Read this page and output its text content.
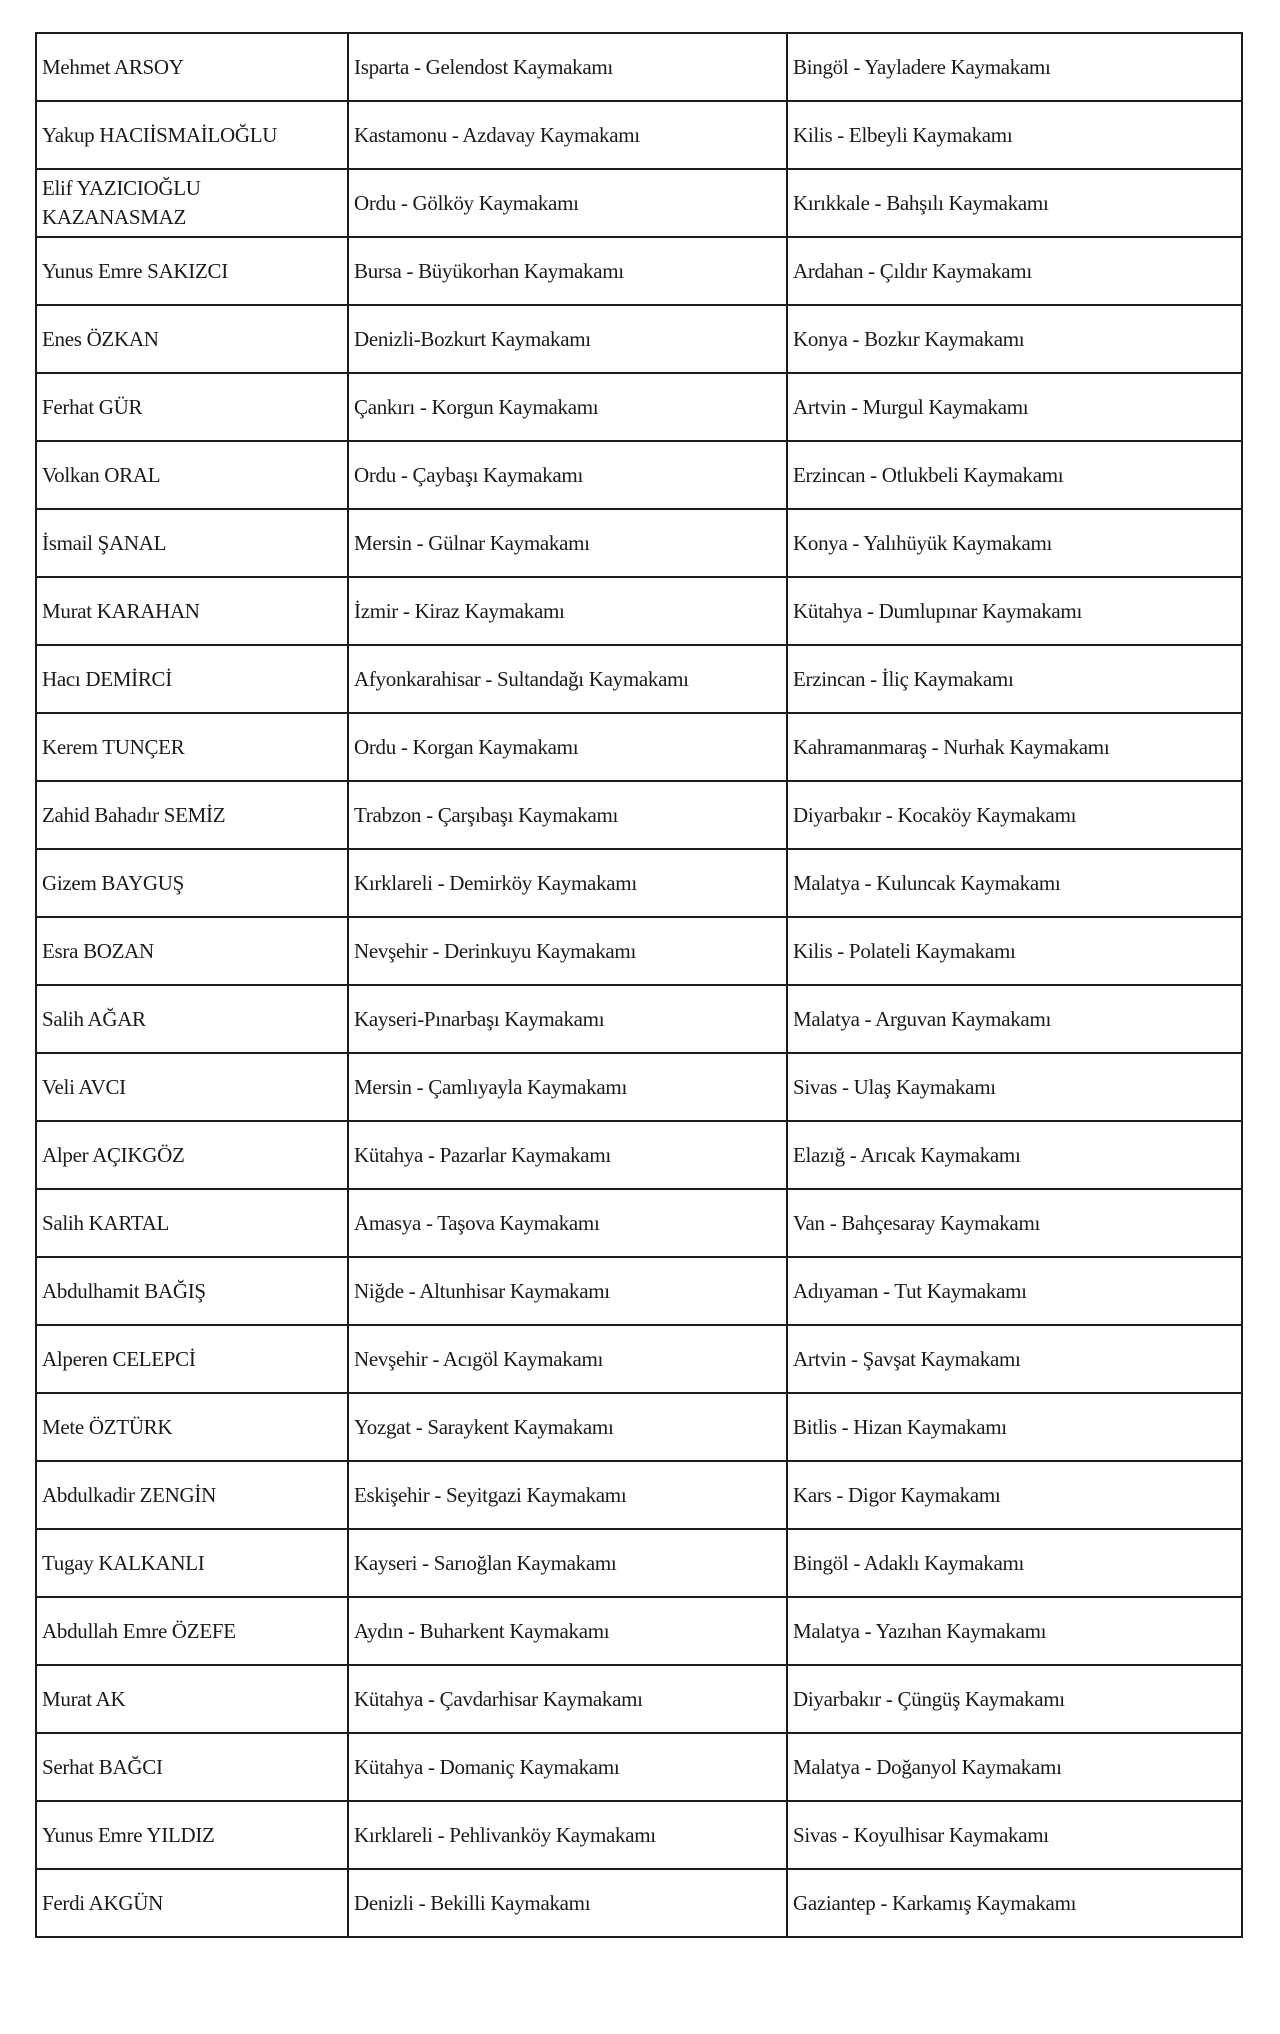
Mehmet ARSOY	Isparta - Gelendost Kaymakamı	Bingöl - Yayladere Kaymakamı

Yakup HACIİSMAİLOĞLU	Kastamonu - Azdavay Kaymakamı	Kilis - Elbeyli Kaymakamı

Elif YAZICIOĞLU KAZANASMAZ	Ordu - Gölköy Kaymakamı	Kırıkkale - Bahşılı Kaymakamı

Yunus Emre SAKIZCI	Bursa - Büyükorhan Kaymakamı	Ardahan - Çıldır Kaymakamı

Enes ÖZKAN	Denizli-Bozkurt Kaymakamı	Konya - Bozkır Kaymakamı

Ferhat GÜR	Çankırı - Korgun Kaymakamı	Artvin - Murgul Kaymakamı

Volkan ORAL	Ordu - Çaybaşı Kaymakamı	Erzincan - Otlukbeli Kaymakamı

İsmail ŞANAL	Mersin - Gülnar Kaymakamı	Konya - Yalıhüyük Kaymakamı

Murat KARAHAN	İzmir - Kiraz Kaymakamı	Kütahya - Dumlupınar Kaymakamı

Hacı DEMİRCİ	Afyonkarahisar - Sultandağı Kaymakamı	Erzincan - İliç Kaymakamı

Kerem TUNÇER	Ordu - Korgan Kaymakamı	Kahramanmaraş - Nurhak Kaymakamı

Zahid Bahadır SEMİZ	Trabzon - Çarşıbaşı Kaymakamı	Diyarbakır - Kocaköy Kaymakamı

Gizem BAYGUŞ	Kırklareli - Demirköy Kaymakamı	Malatya - Kuluncak Kaymakamı

Esra BOZAN	Nevşehir - Derinkuyu Kaymakamı	Kilis - Polateli Kaymakamı

Salih AĞAR	Kayseri-Pınarbaşı Kaymakamı	Malatya - Arguvan Kaymakamı

Veli AVCI	Mersin - Çamlıyayla Kaymakamı	Sivas - Ulaş Kaymakamı

Alper AÇIKGÖZ	Kütahya - Pazarlar Kaymakamı	Elazığ - Arıcak Kaymakamı

Salih KARTAL	Amasya - Taşova Kaymakamı	Van - Bahçesaray Kaymakamı

Abdulhamit BAĞIŞ	Niğde - Altunhisar Kaymakamı	Adıyaman - Tut Kaymakamı

Alperen CELEPCİ	Nevşehir - Acıgöl Kaymakamı	Artvin - Şavşat Kaymakamı

Mete ÖZTÜRK	Yozgat - Saraykent Kaymakamı	Bitlis - Hizan Kaymakamı

Abdulkadir ZENGİN	Eskişehir - Seyitgazi Kaymakamı	Kars - Digor Kaymakamı

Tugay KALKANLI	Kayseri - Sarıoğlan Kaymakamı	Bingöl - Adaklı Kaymakamı

Abdullah Emre ÖZEFE	Aydın - Buharkent Kaymakamı	Malatya - Yazıhan Kaymakamı

Murat AK	Kütahya - Çavdarhisar Kaymakamı	Diyarbakır - Çüngüş Kaymakamı

Serhat BAĞCI	Kütahya - Domaniç Kaymakamı	Malatya - Doğanyol Kaymakamı

Yunus Emre YILDIZ	Kırklareli - Pehlivanköy Kaymakamı	Sivas - Koyulhisar Kaymakamı

Ferdi AKGÜN	Denizli - Bekilli Kaymakamı	Gaziantep - Karkamış Kaymakamı
